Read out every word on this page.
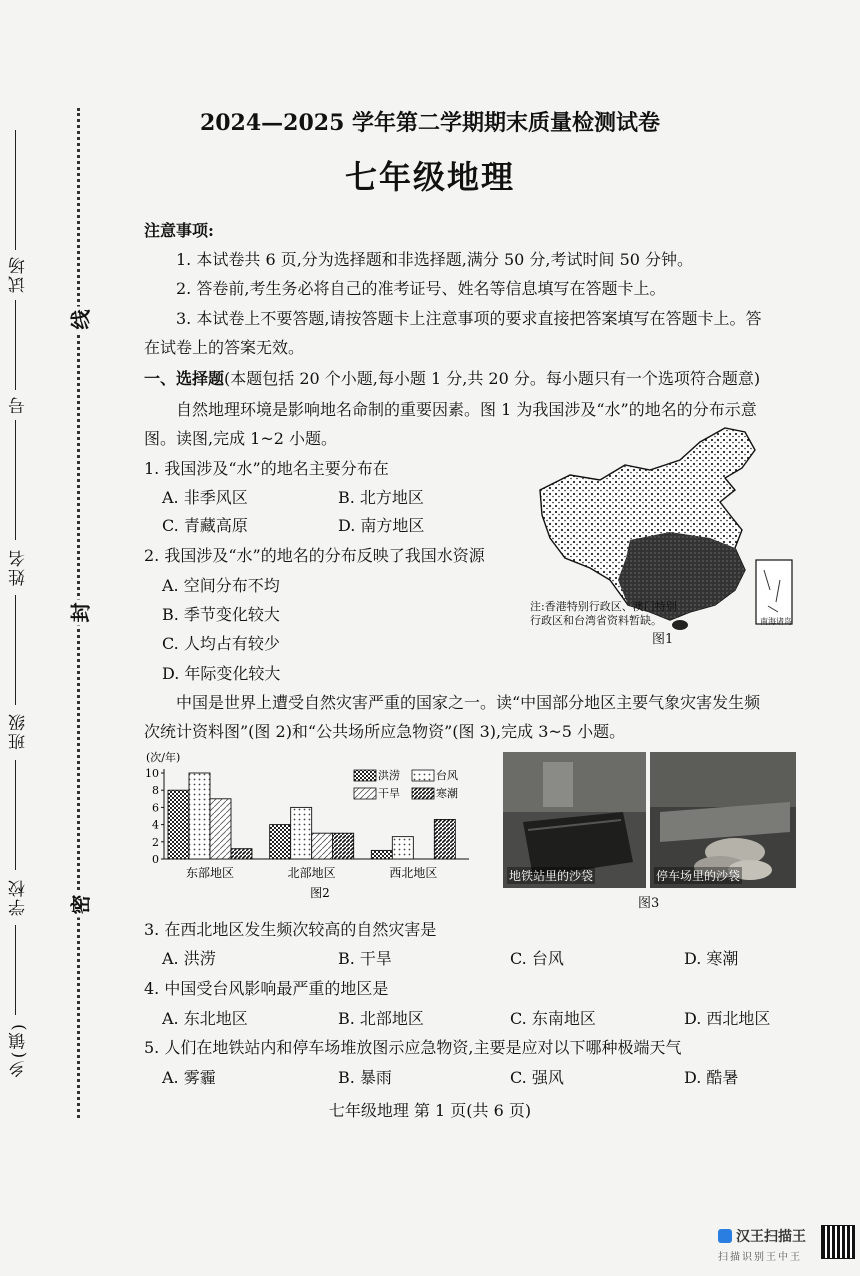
试场
号
姓名
班级
学校
乡(镇)
线
封
密
2024—2025 学年第二学期期末质量检测试卷
七年级地理
注意事项:
1. 本试卷共 6 页,分为选择题和非选择题,满分 50 分,考试时间 50 分钟。
2. 答卷前,考生务必将自己的准考证号、姓名等信息填写在答题卡上。
3. 本试卷上不要答题,请按答题卡上注意事项的要求直接把答案填写在答题卡上。答
在试卷上的答案无效。
一、选择题(本题包括 20 个小题,每小题 1 分,共 20 分。每小题只有一个选项符合题意)
自然地理环境是影响地名命制的重要因素。图 1 为我国涉及“水”的地名的分布示意
图。读图,完成 1~2 小题。
1. 我国涉及“水”的地名主要分布在
A. 非季风区	B. 北方地区
C. 青藏高原	D. 南方地区
2. 我国涉及“水”的地名的分布反映了我国水资源
A. 空间分布不均
B. 季节变化较大
C. 人均占有较少
D. 年际变化较大
南海诸岛
注:香港特别行政区、澳门特别
行政区和台湾省资料暂缺。
图1
中国是世界上遭受自然灾害严重的国家之一。读“中国部分地区主要气象灾害发生频
次统计资料图”(图 2)和“公共场所应急物资”(图 3),完成 3~5 小题。
(次/年)
0
2
4
6
8
10
东部地区	北部地区	西北地区
洪涝	台风
干旱	寒潮
图2
地铁站里的沙袋	停车场里的沙袋
图3
3. 在西北地区发生频次较高的自然灾害是
A. 洪涝	B. 干旱	C. 台风	D. 寒潮
4. 中国受台风影响最严重的地区是
A. 东北地区	B. 北部地区	C. 东南地区	D. 西北地区
5. 人们在地铁站内和停车场堆放图示应急物资,主要是应对以下哪种极端天气
A. 雾霾	B. 暴雨	C. 强风	D. 酷暑
七年级地理 第 1 页(共 6 页)
汉王扫描王
扫描识别王中王
